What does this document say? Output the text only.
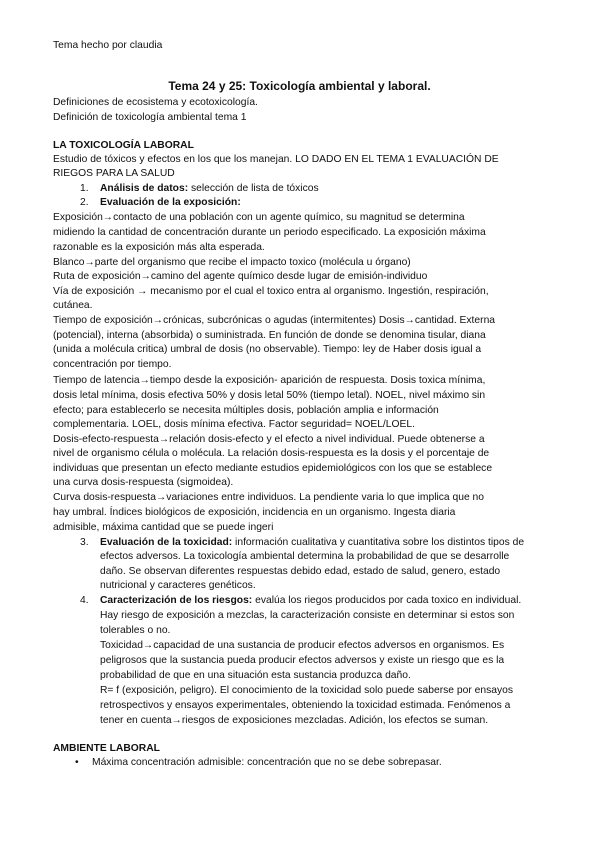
Tema hecho por claudia
Tema 24 y 25: Toxicología ambiental y laboral.
Definiciones de ecosistema y ecotoxicología.
Definición de toxicología ambiental tema 1
LA TOXICOLOGÍA LABORAL
Estudio de tóxicos y efectos en los que los manejan. LO DADO EN EL TEMA 1 EVALUACIÓN DE
RIEGOS PARA LA SALUD
1. Análisis de datos: selección de lista de tóxicos
2. Evaluación de la exposición:
Exposición→contacto de una población con un agente químico, su magnitud se determina
midiendo la cantidad de concentración durante un periodo especificado. La exposición máxima
razonable es la exposición más alta esperada.
Blanco→parte del organismo que recibe el impacto toxico (molécula u órgano)
Ruta de exposición→camino del agente químico desde lugar de emisión-individuo
Vía de exposición → mecanismo por el cual el toxico entra al organismo. Ingestión, respiración,
cutánea.
Tiempo de exposición→crónicas, subcrónicas o agudas (intermitentes) Dosis→cantidad. Externa
(potencial), interna (absorbida) o suministrada. En función de donde se denomina tisular, diana
(unida a molécula critica) umbral de dosis (no observable). Tiempo: ley de Haber dosis igual a
concentración por tiempo.
Tiempo de latencia→tiempo desde la exposición- aparición de respuesta. Dosis toxica mínima,
dosis letal mínima, dosis efectiva 50% y dosis letal 50% (tiempo letal). NOEL, nivel máximo sin
efecto; para establecerlo se necesita múltiples dosis, población amplia e información
complementaria. LOEL, dosis mínima efectiva. Factor seguridad= NOEL/LOEL.
Dosis-efecto-respuesta→relación dosis-efecto y el efecto a nivel individual. Puede obtenerse a
nivel de organismo célula o molécula. La relación dosis-respuesta es la dosis y el porcentaje de
individuas que presentan un efecto mediante estudios epidemiológicos con los que se establece
una curva dosis-respuesta (sigmoidea).
Curva dosis-respuesta→variaciones entre individuos. La pendiente varia lo que implica que no
hay umbral. Índices biológicos de exposición, incidencia en un organismo. Ingesta diaria
admisible, máxima cantidad que se puede ingeri
3. Evaluación de la toxicidad: información cualitativa y cuantitativa sobre los distintos tipos de
efectos adversos. La toxicología ambiental determina la probabilidad de que se desarrolle
daño. Se observan diferentes respuestas debido edad, estado de salud, genero, estado
nutricional y caracteres genéticos.
4. Caracterización de los riesgos: evalúa los riegos producidos por cada toxico en individual.
Hay riesgo de exposición a mezclas, la caracterización consiste en determinar si estos son
tolerables o no.
Toxicidad→capacidad de una sustancia de producir efectos adversos en organismos. Es
peligrosos que la sustancia pueda producir efectos adversos y existe un riesgo que es la
probabilidad de que en una situación esta sustancia produzca daño.
R= f (exposición, peligro). El conocimiento de la toxicidad solo puede saberse por ensayos
retrospectivos y ensayos experimentales, obteniendo la toxicidad estimada. Fenómenos a
tener en cuenta→riesgos de exposiciones mezcladas. Adición, los efectos se suman.
AMBIENTE LABORAL
• Máxima concentración admisible: concentración que no se debe sobrepasar.
